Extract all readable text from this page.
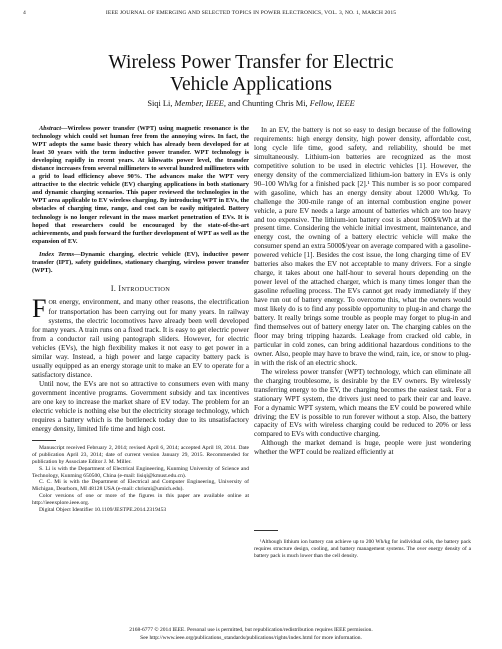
4	IEEE JOURNAL OF EMERGING AND SELECTED TOPICS IN POWER ELECTRONICS, VOL. 3, NO. 1, MARCH 2015
Wireless Power Transfer for Electric
Vehicle Applications
Siqi Li, Member, IEEE, and Chunting Chris Mi, Fellow, IEEE

Abstract—Wireless power transfer (WPT) using magnetic resonance is the technology which could set human free from the annoying wires. In fact, the WPT adopts the same basic theory which has already been developed for at least 30 years with the term inductive power transfer. WPT technology is developing rapidly in recent years. At kilowatts power level, the transfer distance increases from several millimeters to several hundred millimeters with a grid to load efficiency above 90%. The advances make the WPT very attractive to the electric vehicle (EV) charging applications in both stationary and dynamic charging scenarios. This paper reviewed the technologies in the WPT area applicable to EV wireless charging. By introducing WPT in EVs, the obstacles of charging time, range, and cost can be easily mitigated. Battery technology is no longer relevant in the mass market penetration of EVs. It is hoped that researchers could be encouraged by the state-of-the-art achievements, and push forward the further development of WPT as well as the expansion of EV.

Index Terms—Dynamic charging, electric vehicle (EV), inductive power transfer (IPT), safety guidelines, stationary charging, wireless power transfer (WPT).

I. INTRODUCTION

FOR energy, environment, and many other reasons, the electrification for transportation has been carrying out for many years. In railway systems, the electric locomotives have already been well developed for many years. A train runs on a fixed track. It is easy to get electric power from a conductor rail using pantograph sliders. However, for electric vehicles (EVs), the high flexibility makes it not easy to get power in a similar way. Instead, a high power and large capacity battery pack is usually equipped as an energy storage unit to make an EV to operate for a satisfactory distance.

Until now, the EVs are not so attractive to consumers even with many government incentive programs. Government subsidy and tax incentives are one key to increase the market share of EV today. The problem for an electric vehicle is nothing else but the electricity storage technology, which requires a battery which is the bottleneck today due to its unsatisfactory energy density, limited life time and high cost.

Manuscript received February 2, 2014; revised April 6, 2014; accepted April 18, 2014. Date of publication April 23, 2014; date of current version January 29, 2015. Recommended for publication by Associate Editor J. M. Miller.

S. Li is with the Department of Electrical Engineering, Kunming University of Science and Technology, Kunming 650500, China (e-mail: lisiqi@kmust.edu.cn).

C. C. Mi is with the Department of Electrical and Computer Engineering, University of Michigan, Dearborn, MI 48128 USA (e-mail: chrismi@umich.edu).

Color versions of one or more of the figures in this paper are available online at http://ieeexplore.ieee.org.

Digital Object Identifier 10.1109/JESTPE.2014.2319453

In an EV, the battery is not so easy to design because of the following requirements: high energy density, high power density, affordable cost, long cycle life time, good safety, and reliability, should be met simultaneously. Lithium-ion batteries are recognized as the most competitive solution to be used in electric vehicles [1]. However, the energy density of the commercialized lithium-ion battery in EVs is only 90–100 Wh/kg for a finished pack [2].¹ This number is so poor compared with gasoline, which has an energy density about 12000 Wh/kg. To challenge the 300-mile range of an internal combustion engine power vehicle, a pure EV needs a large amount of batteries which are too heavy and too expensive. The lithium-ion battery cost is about 500$/kWh at the present time. Considering the vehicle initial investment, maintenance, and energy cost, the owning of a battery electric vehicle will make the consumer spend an extra 5000$/year on average compared with a gasoline-powered vehicle [1]. Besides the cost issue, the long charging time of EV batteries also makes the EV not acceptable to many drivers. For a single charge, it takes about one half-hour to several hours depending on the power level of the attached charger, which is many times longer than the gasoline refueling process. The EVs cannot get ready immediately if they have run out of battery energy. To overcome this, what the owners would most likely do is to find any possible opportunity to plug-in and charge the battery. It really brings some trouble as people may forget to plug-in and find themselves out of battery energy later on. The charging cables on the floor may bring tripping hazards. Leakage from cracked old cable, in particular in cold zones, can bring additional hazardous conditions to the owner. Also, people may have to brave the wind, rain, ice, or snow to plug-in with the risk of an electric shock.

The wireless power transfer (WPT) technology, which can eliminate all the charging troublesome, is desirable by the EV owners. By wirelessly transferring energy to the EV, the charging becomes the easiest task. For a stationary WPT system, the drivers just need to park their car and leave. For a dynamic WPT system, which means the EV could be powered while driving; the EV is possible to run forever without a stop. Also, the battery capacity of EVs with wireless charging could be reduced to 20% or less compared to EVs with conductive charging.

Although the market demand is huge, people were just wondering whether the WPT could be realized efficiently at

¹Although lithium ion battery can achieve up to 200 Wh/kg for individual cells, the battery pack requires structure design, cooling, and battery management systems. The over energy density of a battery pack is much lower than the cell density.

2168-6777 © 2014 IEEE. Personal use is permitted, but republication/redistribution requires IEEE permission.
See http://www.ieee.org/publications_standards/publications/rights/index.html for more information.
